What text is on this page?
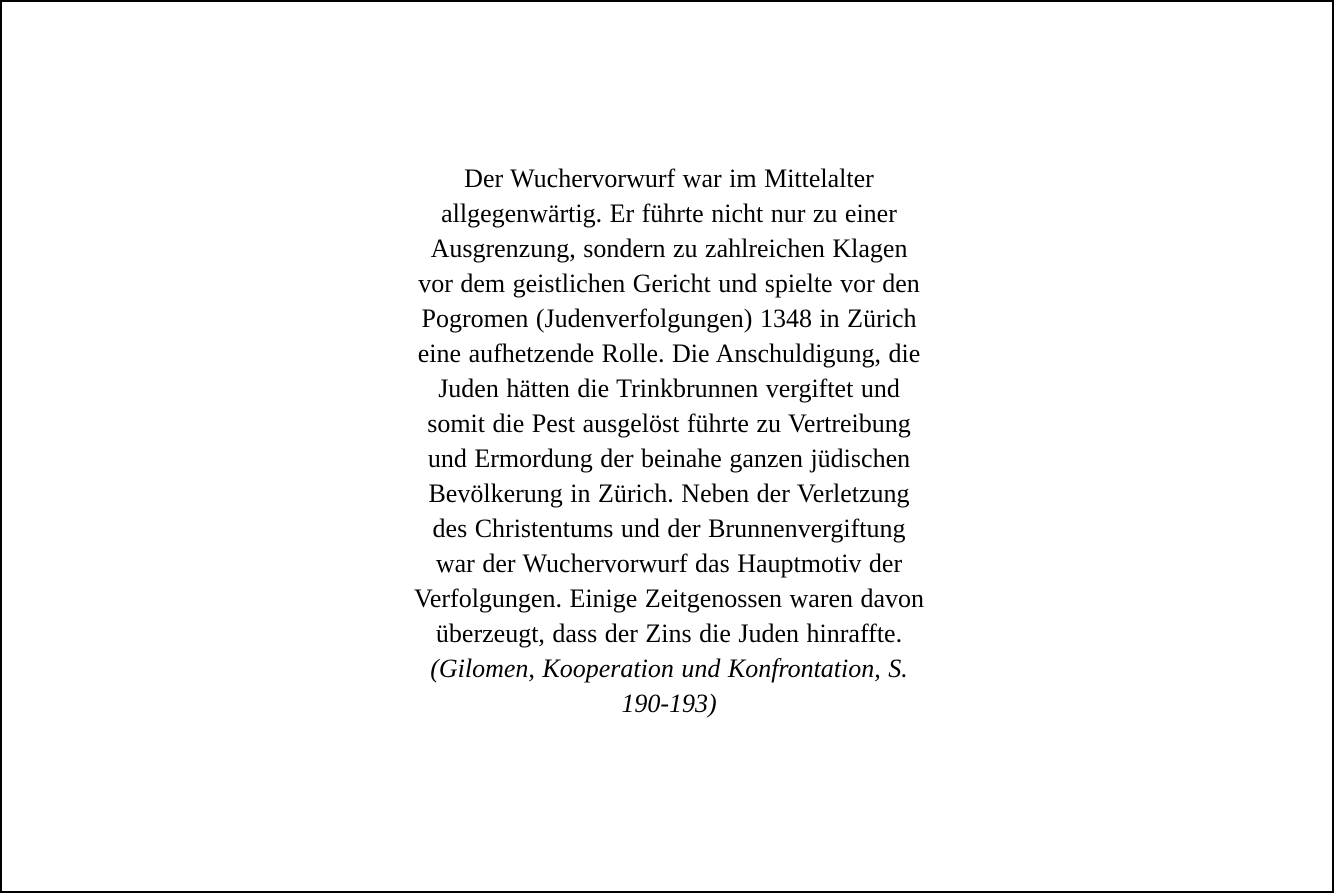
Der Wuchervorwurf war im Mittelalter
allgegenwärtig. Er führte nicht nur zu einer
Ausgrenzung, sondern zu zahlreichen Klagen
vor dem geistlichen Gericht und spielte vor den
Pogromen (Judenverfolgungen) 1348 in Zürich
eine aufhetzende Rolle. Die Anschuldigung, die
Juden hätten die Trinkbrunnen vergiftet und
somit die Pest ausgelöst führte zu Vertreibung
und Ermordung der beinahe ganzen jüdischen
Bevölkerung in Zürich. Neben der Verletzung
des Christentums und der Brunnenvergiftung
war der Wuchervorwurf das Hauptmotiv der
Verfolgungen. Einige Zeitgenossen waren davon
überzeugt, dass der Zins die Juden hinraffte.
(Gilomen, Kooperation und Konfrontation, S.
190-193)
